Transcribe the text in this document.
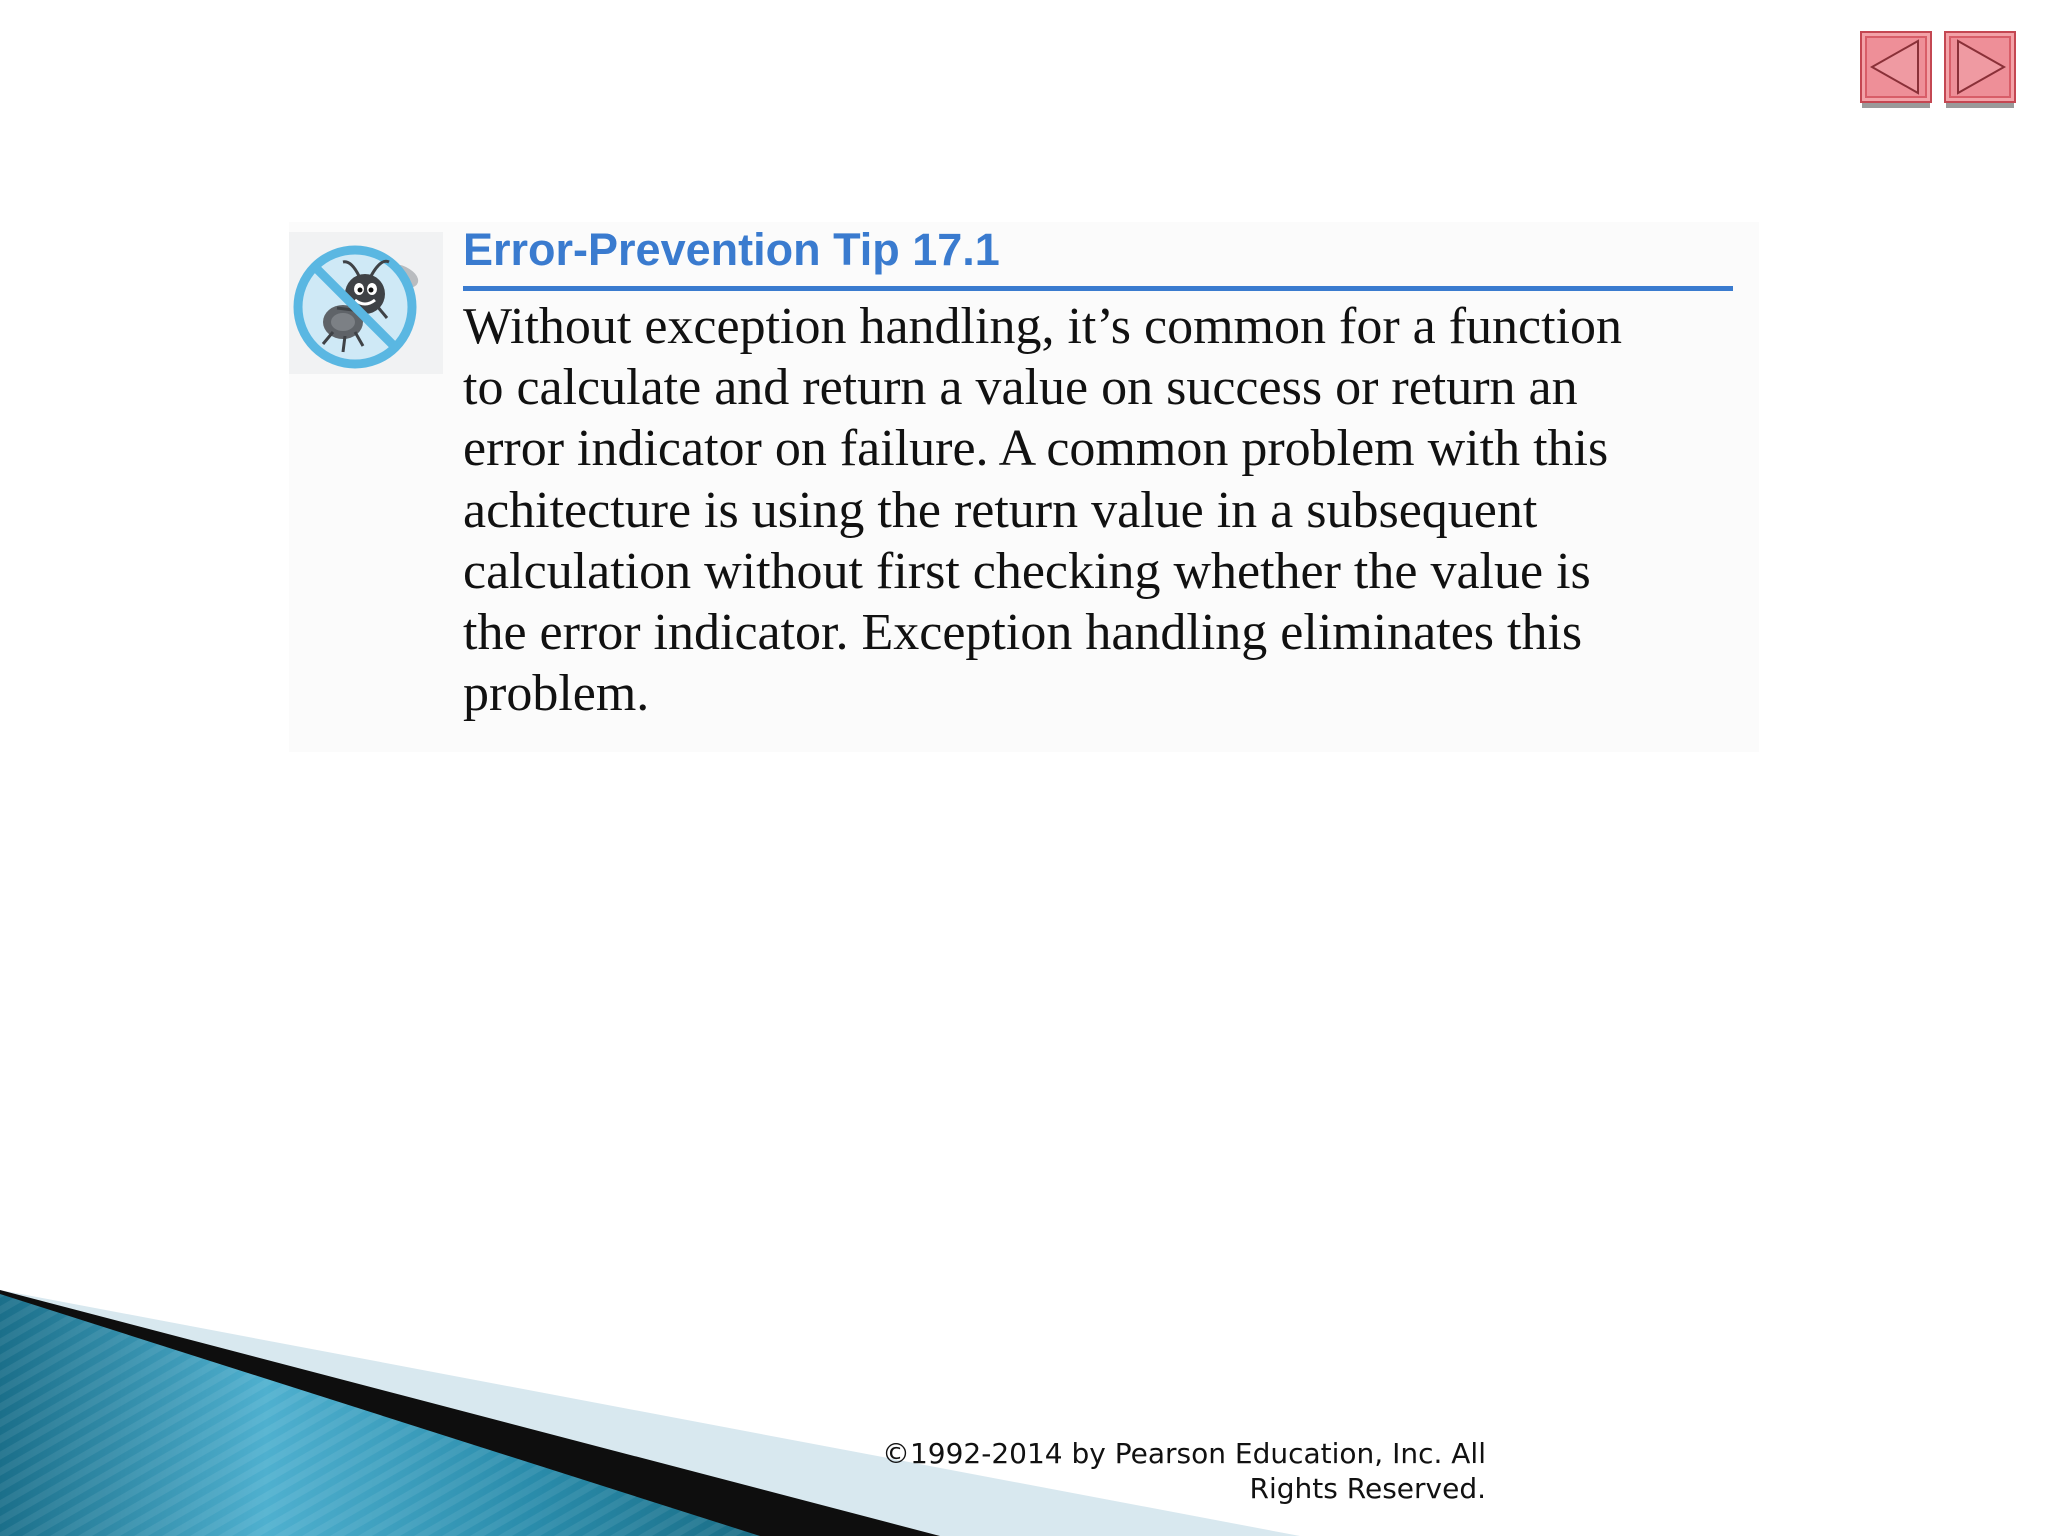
Error-Prevention Tip 17.1

Without exception handling, it’s common for a function
to calculate and return a value on success or return an
error indicator on failure. A common problem with this
achitecture is using the return value in a subsequent
calculation without first checking whether the value is
the error indicator. Exception handling eliminates this
problem.

©1992-2014 by Pearson Education, Inc. All
Rights Reserved.
